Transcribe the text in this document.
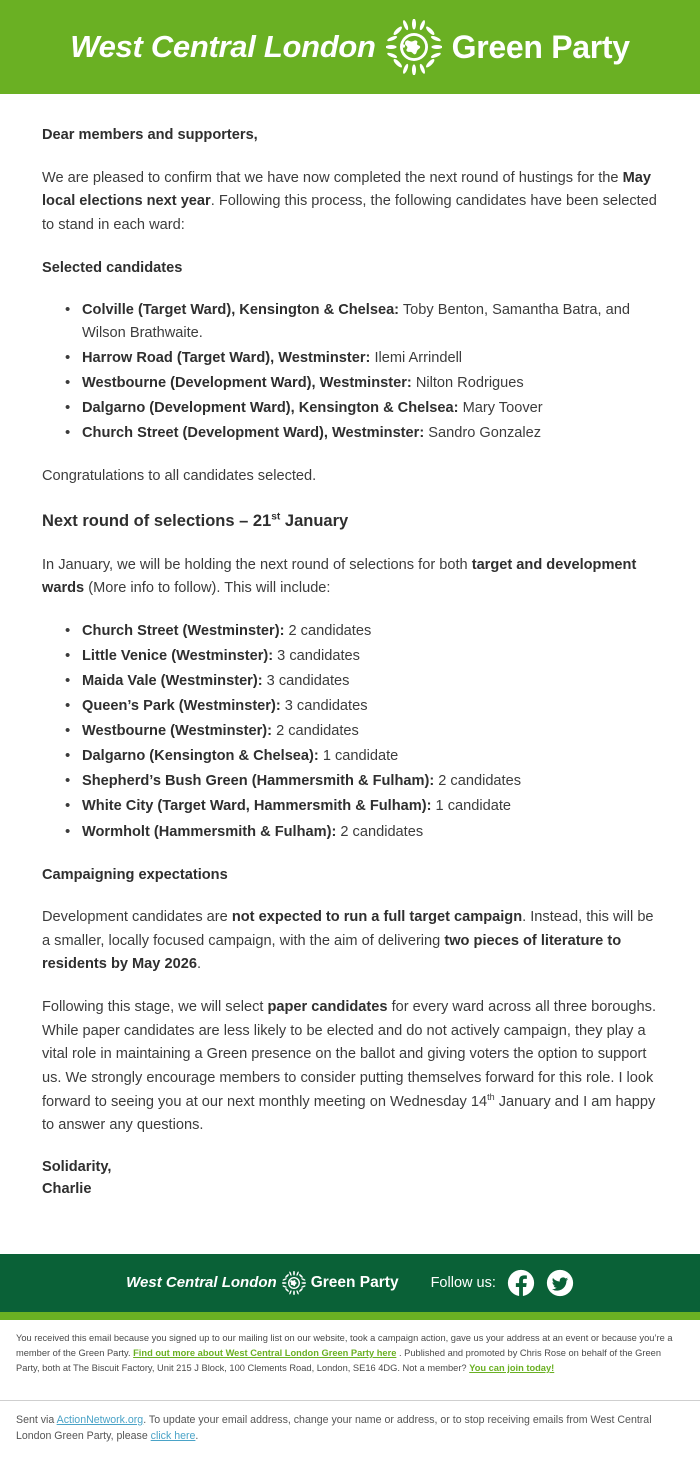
West Central London Green Party

Dear members and supporters,

We are pleased to confirm that we have now completed the next round of hustings for the May local elections next year. Following this process, the following candidates have been selected to stand in each ward:

Selected candidates

• Colville (Target Ward), Kensington & Chelsea: Toby Benton, Samantha Batra, and Wilson Brathwaite.
• Harrow Road (Target Ward), Westminster: Ilemi Arrindell
• Westbourne (Development Ward), Westminster: Nilton Rodrigues
• Dalgarno (Development Ward), Kensington & Chelsea: Mary Toover
• Church Street (Development Ward), Westminster: Sandro Gonzalez

Congratulations to all candidates selected.

Next round of selections – 21st January

In January, we will be holding the next round of selections for both target and development wards (More info to follow). This will include:

• Church Street (Westminster): 2 candidates
• Little Venice (Westminster): 3 candidates
• Maida Vale (Westminster): 3 candidates
• Queen’s Park (Westminster): 3 candidates
• Westbourne (Westminster): 2 candidates
• Dalgarno (Kensington & Chelsea): 1 candidate
• Shepherd’s Bush Green (Hammersmith & Fulham): 2 candidates
• White City (Target Ward, Hammersmith & Fulham): 1 candidate
• Wormholt (Hammersmith & Fulham): 2 candidates

Campaigning expectations

Development candidates are not expected to run a full target campaign. Instead, this will be a smaller, locally focused campaign, with the aim of delivering two pieces of literature to residents by May 2026.

Following this stage, we will select paper candidates for every ward across all three boroughs. While paper candidates are less likely to be elected and do not actively campaign, they play a vital role in maintaining a Green presence on the ballot and giving voters the option to support us. We strongly encourage members to consider putting themselves forward for this role. I look forward to seeing you at our next monthly meeting on Wednesday 14th January and I am happy to answer any questions.

Solidarity,
Charlie

West Central London Green Party Follow us:
You received this email because you signed up to our mailing list on our website, took a campaign action, gave us your address at an event or because you’re a member of the Green Party. Find out more about West Central London Green Party here . Published and promoted by Chris Rose on behalf of the Green Party, both at The Biscuit Factory, Unit 215 J Block, 100 Clements Road, London, SE16 4DG. Not a member? You can join today!
Sent via ActionNetwork.org. To update your email address, change your name or address, or to stop receiving emails from West Central London Green Party, please click here.
